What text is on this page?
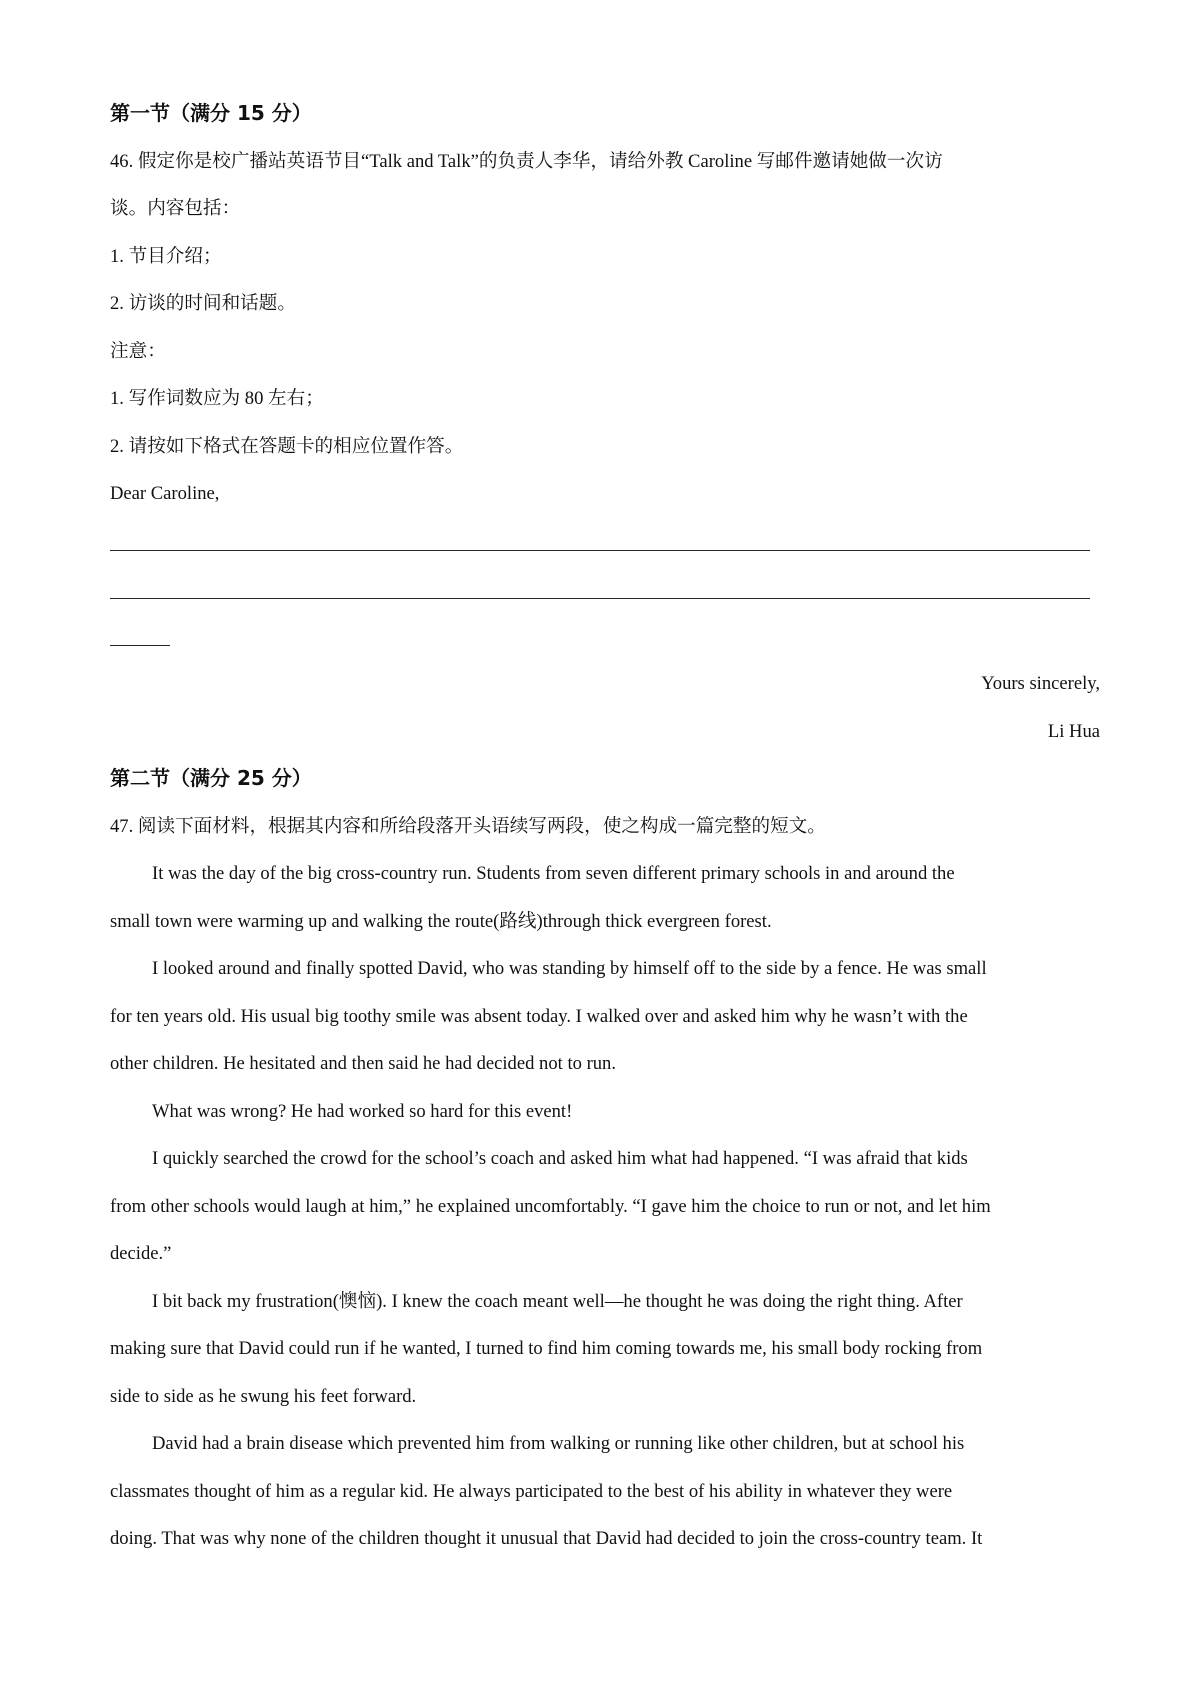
第一节（满分 15 分）
46. 假定你是校广播站英语节目“Talk and Talk”的负责人李华，请给外教 Caroline 写邮件邀请她做一次访
谈。内容包括：
1. 节目介绍；
2. 访谈的时间和话题。
注意：
1. 写作词数应为 80 左右；
2. 请按如下格式在答题卡的相应位置作答。
Dear Caroline,
Yours sincerely,
Li Hua
第二节（满分 25 分）
47. 阅读下面材料，根据其内容和所给段落开头语续写两段，使之构成一篇完整的短文。
It was the day of the big cross-country run. Students from seven different primary schools in and around the
small town were warming up and walking the route(路线)through thick evergreen forest.
I looked around and finally spotted David, who was standing by himself off to the side by a fence. He was small
for ten years old. His usual big toothy smile was absent today. I walked over and asked him why he wasn’t with the
other children. He hesitated and then said he had decided not to run.
What was wrong? He had worked so hard for this event!
I quickly searched the crowd for the school’s coach and asked him what had happened. “I was afraid that kids
from other schools would laugh at him,” he explained uncomfortably. “I gave him the choice to run or not, and let him
decide.”
I bit back my frustration(懊恼). I knew the coach meant well—he thought he was doing the right thing. After
making sure that David could run if he wanted, I turned to find him coming towards me, his small body rocking from
side to side as he swung his feet forward.
David had a brain disease which prevented him from walking or running like other children, but at school his
classmates thought of him as a regular kid. He always participated to the best of his ability in whatever they were
doing. That was why none of the children thought it unusual that David had decided to join the cross-country team. It
